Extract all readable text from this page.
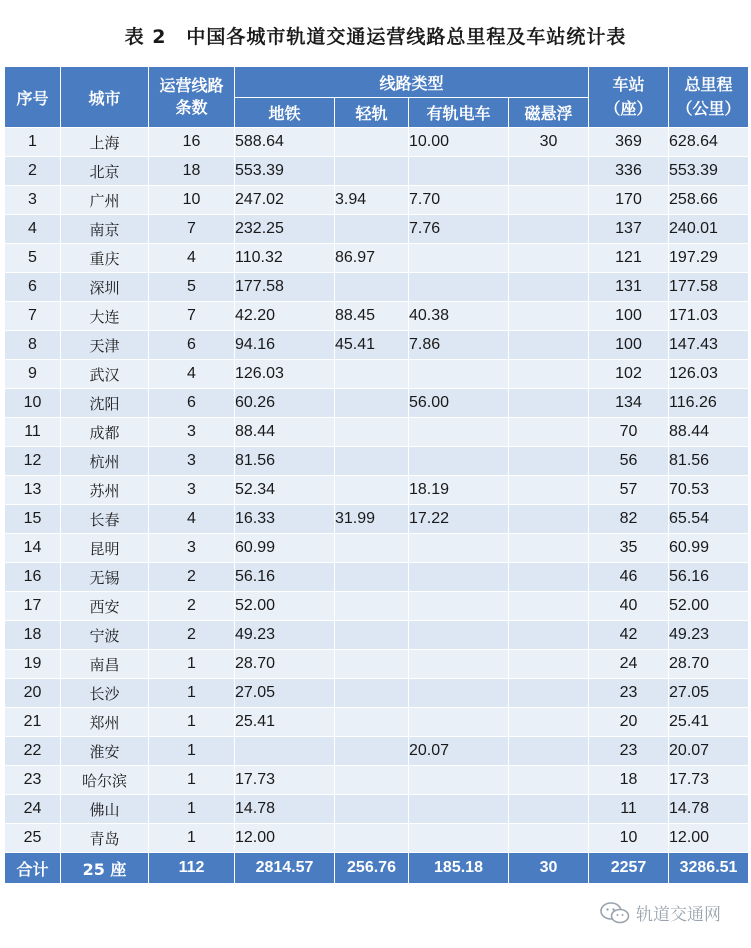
表 2　中国各城市轨道交通运营线路总里程及车站统计表
序号	城市	运营线路条数	线路类型				车站（座）	总里程（公里）
			地铁	轻轨	有轨电车	磁悬浮		
1	上海	16	588.64		10.00	30	369	628.64
2	北京	18	553.39				336	553.39
3	广州	10	247.02	3.94	7.70		170	258.66
4	南京	7	232.25		7.76		137	240.01
5	重庆	4	110.32	86.97			121	197.29
6	深圳	5	177.58				131	177.58
7	大连	7	42.20	88.45	40.38		100	171.03
8	天津	6	94.16	45.41	7.86		100	147.43
9	武汉	4	126.03				102	126.03
10	沈阳	6	60.26		56.00		134	116.26
11	成都	3	88.44				70	88.44
12	杭州	3	81.56				56	81.56
13	苏州	3	52.34		18.19		57	70.53
15	长春	4	16.33	31.99	17.22		82	65.54
14	昆明	3	60.99				35	60.99
16	无锡	2	56.16				46	56.16
17	西安	2	52.00				40	52.00
18	宁波	2	49.23				42	49.23
19	南昌	1	28.70				24	28.70
20	长沙	1	27.05				23	27.05
21	郑州	1	25.41				20	25.41
22	淮安	1			20.07		23	20.07
23	哈尔滨	1	17.73				18	17.73
24	佛山	1	14.78				11	14.78
25	青岛	1	12.00				10	12.00
合计	25 座	112	2814.57	256.76	185.18	30	2257	3286.51
轨道交通网
